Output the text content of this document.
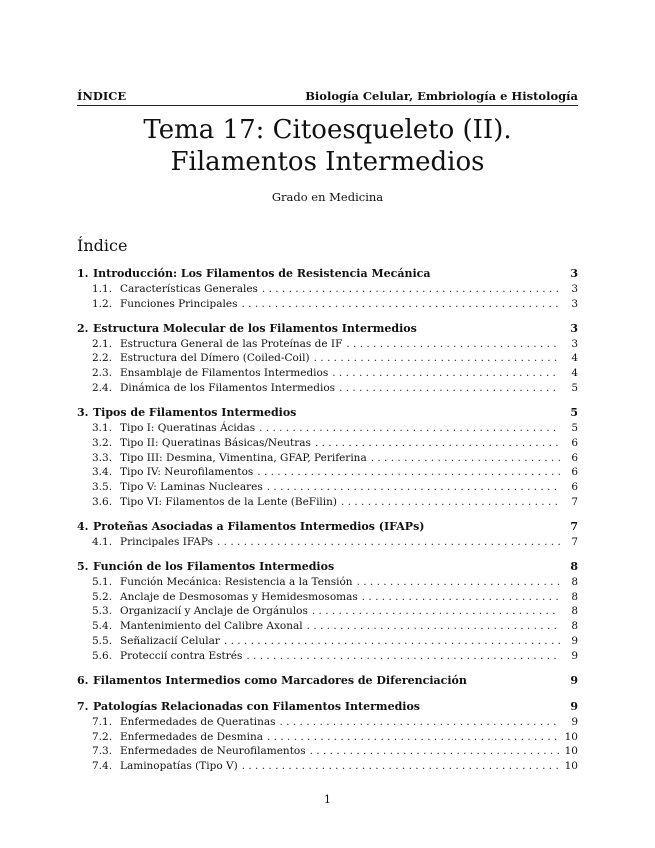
ÍNDICE	Biología Celular, Embriología e Histología
Tema 17: Citoesqueleto (II).
Filamentos Intermedios
Grado en Medicina
Índice
1. Introducción: Los Filamentos de Resistencia Mecánica	3
1.1. Características Generales . . .	3
1.2. Funciones Principales . . .	3
2. Estructura Molecular de los Filamentos Intermedios	3
2.1. Estructura General de las Proteínas de IF . . .	3
2.2. Estructura del Dímero (Coiled-Coil) . . .	4
2.3. Ensamblaje de Filamentos Intermedios . . .	4
2.4. Dinámica de los Filamentos Intermedios . . .	5
3. Tipos de Filamentos Intermedios	5
3.1. Tipo I: Queratinas Ácidas . . .	5
3.2. Tipo II: Queratinas Básicas/Neutras . . .	6
3.3. Tipo III: Desmina, Vimentina, GFAP, Periferina . . .	6
3.4. Tipo IV: Neurofilamentos . . .	6
3.5. Tipo V: Laminas Nucleares . . .	6
3.6. Tipo VI: Filamentos de la Lente (BeFilin) . . .	7
4. Proteñas Asociadas a Filamentos Intermedios (IFAPs)	7
4.1. Principales IFAPs . . .	7
5. Función de los Filamentos Intermedios	8
5.1. Función Mecánica: Resistencia a la Tensión . . .	8
5.2. Anclaje de Desmosomas y Hemidesmosomas . . .	8
5.3. Organizacií y Anclaje de Orgánulos . . .	8
5.4. Mantenimiento del Calibre Axonal . . .	8
5.5. Señalizacií Celular . . .	9
5.6. Proteccií contra Estrés . . .	9
6. Filamentos Intermedios como Marcadores de Diferenciación	9
7. Patologías Relacionadas con Filamentos Intermedios	9
7.1. Enfermedades de Queratinas . . .	9
7.2. Enfermedades de Desmina . . .	10
7.3. Enfermedades de Neurofilamentos . . .	10
7.4. Laminopatías (Tipo V) . . .	10
1
